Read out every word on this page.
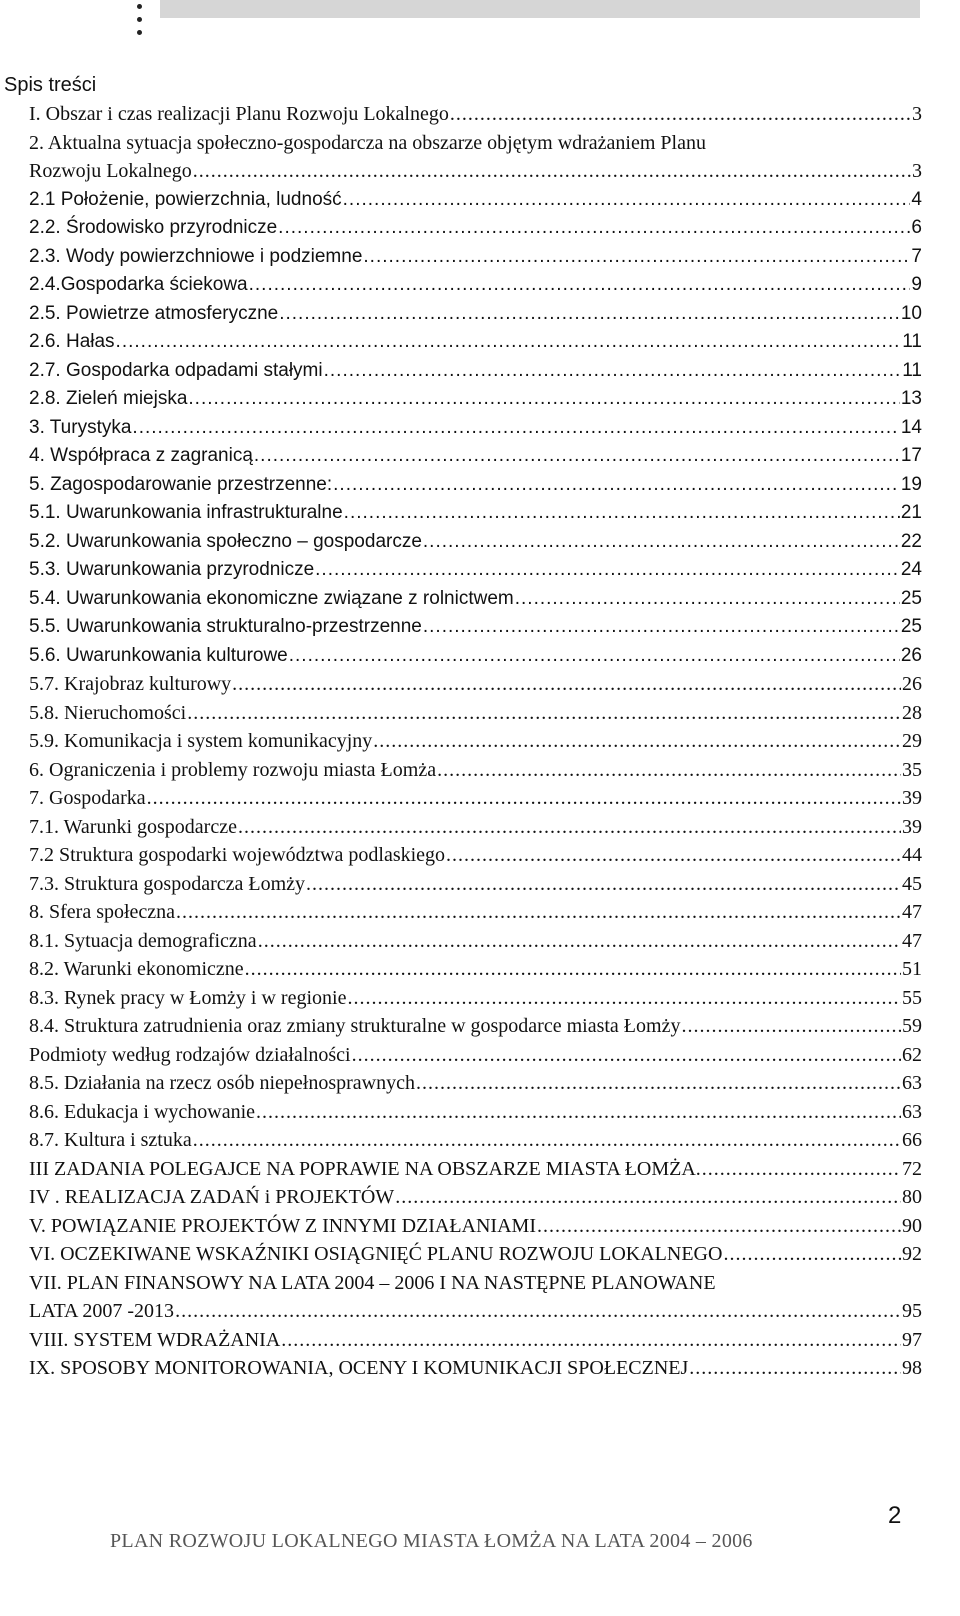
Spis treści
I. Obszar i czas realizacji Planu Rozwoju Lokalnego .....	3
2. Aktualna sytuacja społeczno-gospodarcza na obszarze objętym wdrażaniem Planu
Rozwoju Lokalnego .....	3
2.1 Położenie, powierzchnia, ludność .....	4
2.2. Środowisko przyrodnicze .....	6
2.3. Wody powierzchniowe i podziemne .....	7
2.4.Gospodarka ściekowa .....	9
2.5. Powietrze atmosferyczne .....	10
2.6. Hałas .....	11
2.7. Gospodarka odpadami stałymi .....	11
2.8. Zieleń miejska .....	13
3. Turystyka .....	14
4. Współpraca z zagranicą .....	17
5. Zagospodarowanie przestrzenne: .....	19
5.1. Uwarunkowania infrastrukturalne .....	21
5.2. Uwarunkowania społeczno – gospodarcze .....	22
5.3. Uwarunkowania przyrodnicze .....	24
5.4. Uwarunkowania ekonomiczne związane z rolnictwem .....	25
5.5. Uwarunkowania strukturalno-przestrzenne .....	25
5.6. Uwarunkowania kulturowe .....	26
5.7. Krajobraz kulturowy .....	26
5.8. Nieruchomości .....	28
5.9. Komunikacja i system komunikacyjny .....	29
6. Ograniczenia i problemy rozwoju miasta Łomża .....	35
7. Gospodarka .....	39
7.1. Warunki gospodarcze .....	39
7.2 Struktura gospodarki województwa podlaskiego .....	44
7.3. Struktura gospodarcza Łomży .....	45
8. Sfera społeczna .....	47
8.1. Sytuacja demograficzna .....	47
8.2. Warunki ekonomiczne .....	51
8.3. Rynek pracy w Łomży i w regionie .....	55
8.4. Struktura zatrudnienia oraz zmiany strukturalne w gospodarce miasta Łomży .....	59
Podmioty według rodzajów działalności .....	62
8.5. Działania na rzecz osób niepełnosprawnych .....	63
8.6. Edukacja i wychowanie .....	63
8.7. Kultura i sztuka .....	66
III ZADANIA POLEGAJCE NA POPRAWIE NA OBSZARZE MIASTA ŁOMŻA. .....	72
IV . REALIZACJA ZADAŃ i PROJEKTÓW .....	80
V. POWIĄZANIE PROJEKTÓW Z INNYMI DZIAŁANIAMI .....	90
VI. OCZEKIWANE WSKAŹNIKI OSIĄGNIĘĆ PLANU ROZWOJU LOKALNEGO .....	92
VII. PLAN FINANSOWY NA LATA 2004 – 2006 I NA NASTĘPNE PLANOWANE
LATA 2007 -2013 .....	95
VIII. SYSTEM WDRAŻANIA .....	97
IX. SPOSOBY MONITOROWANIA, OCENY I KOMUNIKACJI SPOŁECZNEJ .....	98
PLAN ROZWOJU LOKALNEGO MIASTA ŁOMŻA NA LATA 2004 – 2006
2
